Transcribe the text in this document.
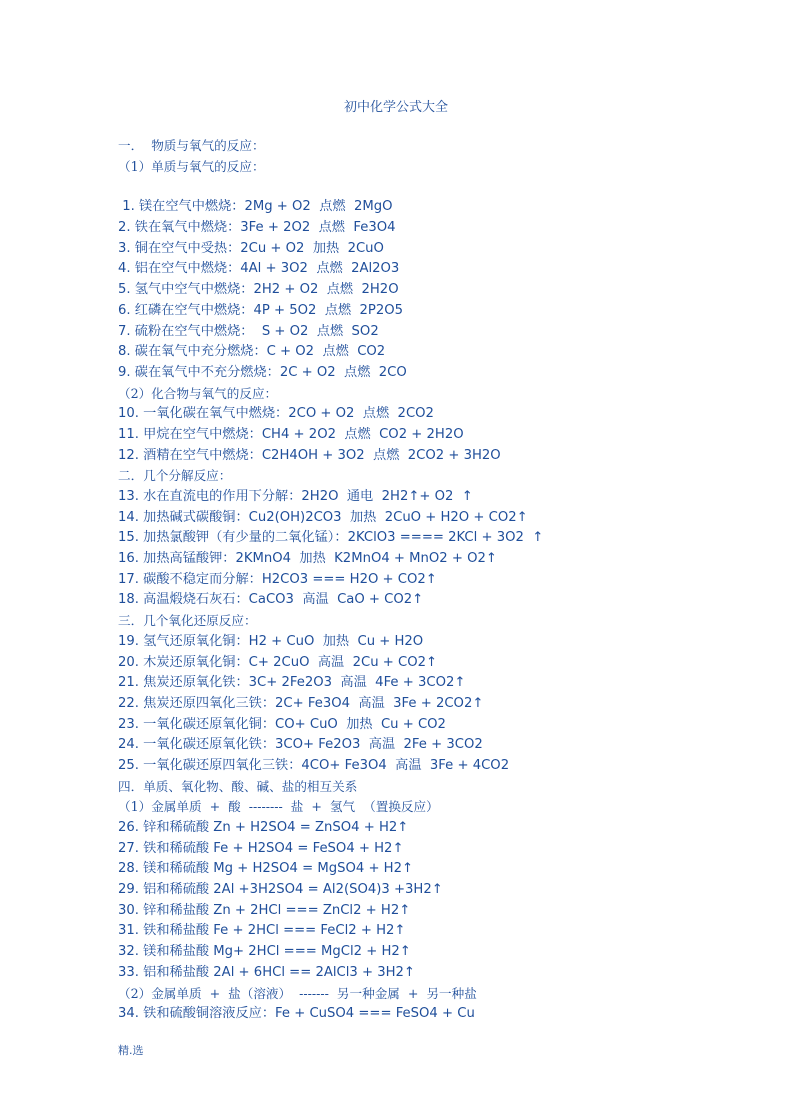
初中化学公式大全
一．  物质与氧气的反应：
（1）单质与氧气的反应：
1. 镁在空气中燃烧：2Mg + O2  点燃  2MgO
2. 铁在氧气中燃烧：3Fe + 2O2  点燃  Fe3O4
3. 铜在空气中受热：2Cu + O2  加热  2CuO
4. 铝在空气中燃烧：4Al + 3O2  点燃  2Al2O3
5. 氢气中空气中燃烧：2H2 + O2  点燃  2H2O
6. 红磷在空气中燃烧：4P + 5O2  点燃  2P2O5
7. 硫粉在空气中燃烧：  S + O2  点燃  SO2
8. 碳在氧气中充分燃烧：C + O2  点燃  CO2
9. 碳在氧气中不充分燃烧：2C + O2  点燃  2CO
（2）化合物与氧气的反应：
10. 一氧化碳在氧气中燃烧：2CO + O2  点燃  2CO2
11. 甲烷在空气中燃烧：CH4 + 2O2  点燃  CO2 + 2H2O
12. 酒精在空气中燃烧：C2H4OH + 3O2  点燃  2CO2 + 3H2O
二．几个分解反应：
13. 水在直流电的作用下分解：2H2O  通电  2H2↑+ O2  ↑
14. 加热碱式碳酸铜：Cu2(OH)2CO3  加热  2CuO + H2O + CO2↑
15. 加热氯酸钾（有少量的二氧化锰）：2KClO3 ==== 2KCl + 3O2  ↑
16. 加热高锰酸钾：2KMnO4  加热  K2MnO4 + MnO2 + O2↑
17. 碳酸不稳定而分解：H2CO3 === H2O + CO2↑
18. 高温煅烧石灰石：CaCO3  高温  CaO + CO2↑
三．几个氧化还原反应：
19. 氢气还原氧化铜：H2 + CuO  加热  Cu + H2O
20. 木炭还原氧化铜：C+ 2CuO  高温  2Cu + CO2↑
21. 焦炭还原氧化铁：3C+ 2Fe2O3  高温  4Fe + 3CO2↑
22. 焦炭还原四氧化三铁：2C+ Fe3O4  高温  3Fe + 2CO2↑
23. 一氧化碳还原氧化铜：CO+ CuO  加热  Cu + CO2
24. 一氧化碳还原氧化铁：3CO+ Fe2O3  高温  2Fe + 3CO2
25. 一氧化碳还原四氧化三铁：4CO+ Fe3O4  高温  3Fe + 4CO2
四．单质、氧化物、酸、碱、盐的相互关系
（1）金属单质  +  酸  --------  盐  +  氢气  （置换反应）
26. 锌和稀硫酸 Zn + H2SO4 = ZnSO4 + H2↑
27. 铁和稀硫酸 Fe + H2SO4 = FeSO4 + H2↑
28. 镁和稀硫酸 Mg + H2SO4 = MgSO4 + H2↑
29. 铝和稀硫酸 2Al +3H2SO4 = Al2(SO4)3 +3H2↑
30. 锌和稀盐酸 Zn + 2HCl === ZnCl2 + H2↑
31. 铁和稀盐酸 Fe + 2HCl === FeCl2 + H2↑
32. 镁和稀盐酸 Mg+ 2HCl === MgCl2 + H2↑
33. 铝和稀盐酸 2Al + 6HCl == 2AlCl3 + 3H2↑
（2）金属单质  +  盐（溶液）  -------  另一种金属  +  另一种盐
34. 铁和硫酸铜溶液反应：Fe + CuSO4 === FeSO4 + Cu
精.选
